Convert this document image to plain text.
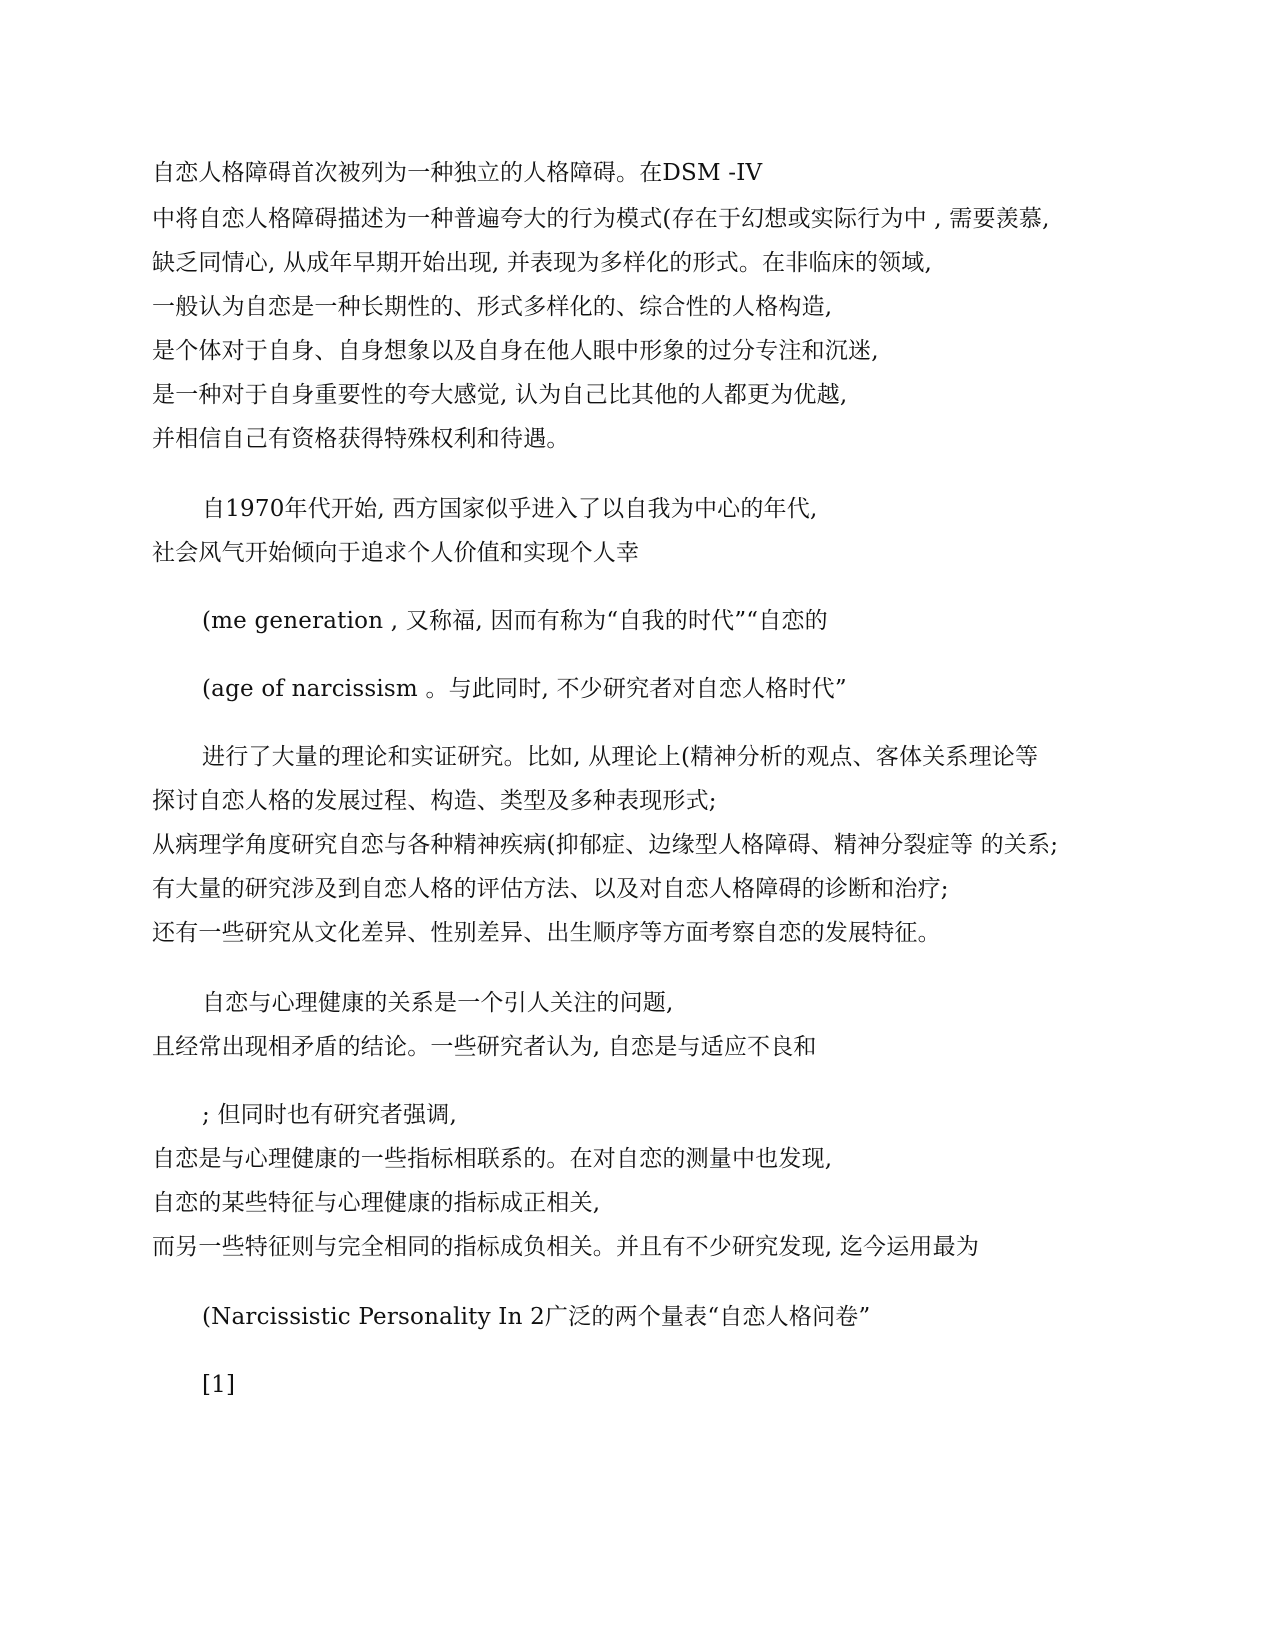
自恋人格障碍首次被列为一种独立的人格障碍。在DSM -IV
中将自恋人格障碍描述为一种普遍夸大的行为模式(存在于幻想或实际行为中 , 需要羡慕,
缺乏同情心, 从成年早期开始出现, 并表现为多样化的形式。在非临床的领域,
一般认为自恋是一种长期性的、形式多样化的、综合性的人格构造,
是个体对于自身、自身想象以及自身在他人眼中形象的过分专注和沉迷,
是一种对于自身重要性的夸大感觉, 认为自己比其他的人都更为优越,
并相信自己有资格获得特殊权利和待遇。
自1970年代开始, 西方国家似乎进入了以自我为中心的年代,
社会风气开始倾向于追求个人价值和实现个人幸
(me generation , 又称福, 因而有称为“自我的时代”“自恋的
(age of narcissism 。与此同时, 不少研究者对自恋人格时代”
进行了大量的理论和实证研究。比如, 从理论上(精神分析的观点、客体关系理论等
探讨自恋人格的发展过程、构造、类型及多种表现形式;
从病理学角度研究自恋与各种精神疾病(抑郁症、边缘型人格障碍、精神分裂症等 的关系;
有大量的研究涉及到自恋人格的评估方法、以及对自恋人格障碍的诊断和治疗;
还有一些研究从文化差异、性别差异、出生顺序等方面考察自恋的发展特征。
自恋与心理健康的关系是一个引人关注的问题,
且经常出现相矛盾的结论。一些研究者认为, 自恋是与适应不良和
; 但同时也有研究者强调,
自恋是与心理健康的一些指标相联系的。在对自恋的测量中也发现,
自恋的某些特征与心理健康的指标成正相关,
而另一些特征则与完全相同的指标成负相关。并且有不少研究发现, 迄今运用最为
(Narcissistic Personality In 2广泛的两个量表“自恋人格问卷”
[1]
